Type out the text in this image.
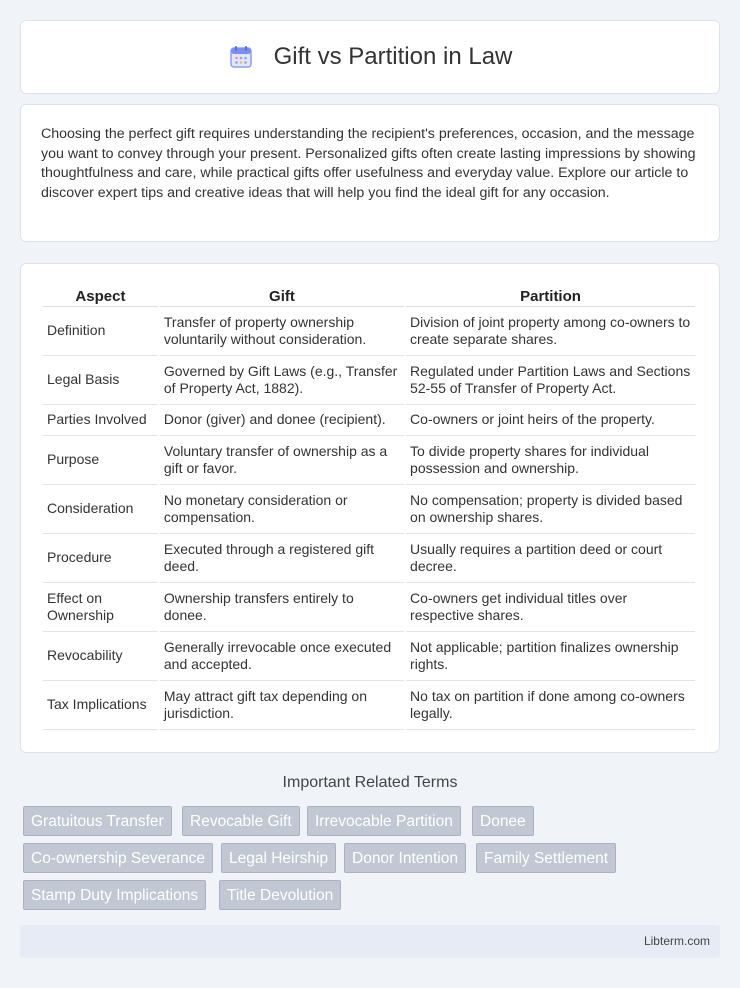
Gift vs Partition in Law

Choosing the perfect gift requires understanding the recipient's preferences, occasion, and the message you want to convey through your present. Personalized gifts often create lasting impressions by showing thoughtfulness and care, while practical gifts offer usefulness and everyday value. Explore our article to discover expert tips and creative ideas that will help you find the ideal gift for any occasion.

Aspect	Gift	Partition
Definition	Transfer of property ownership voluntarily without consideration.	Division of joint property among co-owners to create separate shares.
Legal Basis	Governed by Gift Laws (e.g., Transfer of Property Act, 1882).	Regulated under Partition Laws and Sections 52-55 of Transfer of Property Act.
Parties Involved	Donor (giver) and donee (recipient).	Co-owners or joint heirs of the property.
Purpose	Voluntary transfer of ownership as a gift or favor.	To divide property shares for individual possession and ownership.
Consideration	No monetary consideration or compensation.	No compensation; property is divided based on ownership shares.
Procedure	Executed through a registered gift deed.	Usually requires a partition deed or court decree.
Effect on Ownership	Ownership transfers entirely to donee.	Co-owners get individual titles over respective shares.
Revocability	Generally irrevocable once executed and accepted.	Not applicable; partition finalizes ownership rights.
Tax Implications	May attract gift tax depending on jurisdiction.	No tax on partition if done among co-owners legally.
Important Related Terms
Gratuitous Transfer	Revocable Gift	Irrevocable Partition	Donee
Co-ownership Severance	Legal Heirship	Donor Intention	Family Settlement
Stamp Duty Implications	Title Devolution
Libterm.com
